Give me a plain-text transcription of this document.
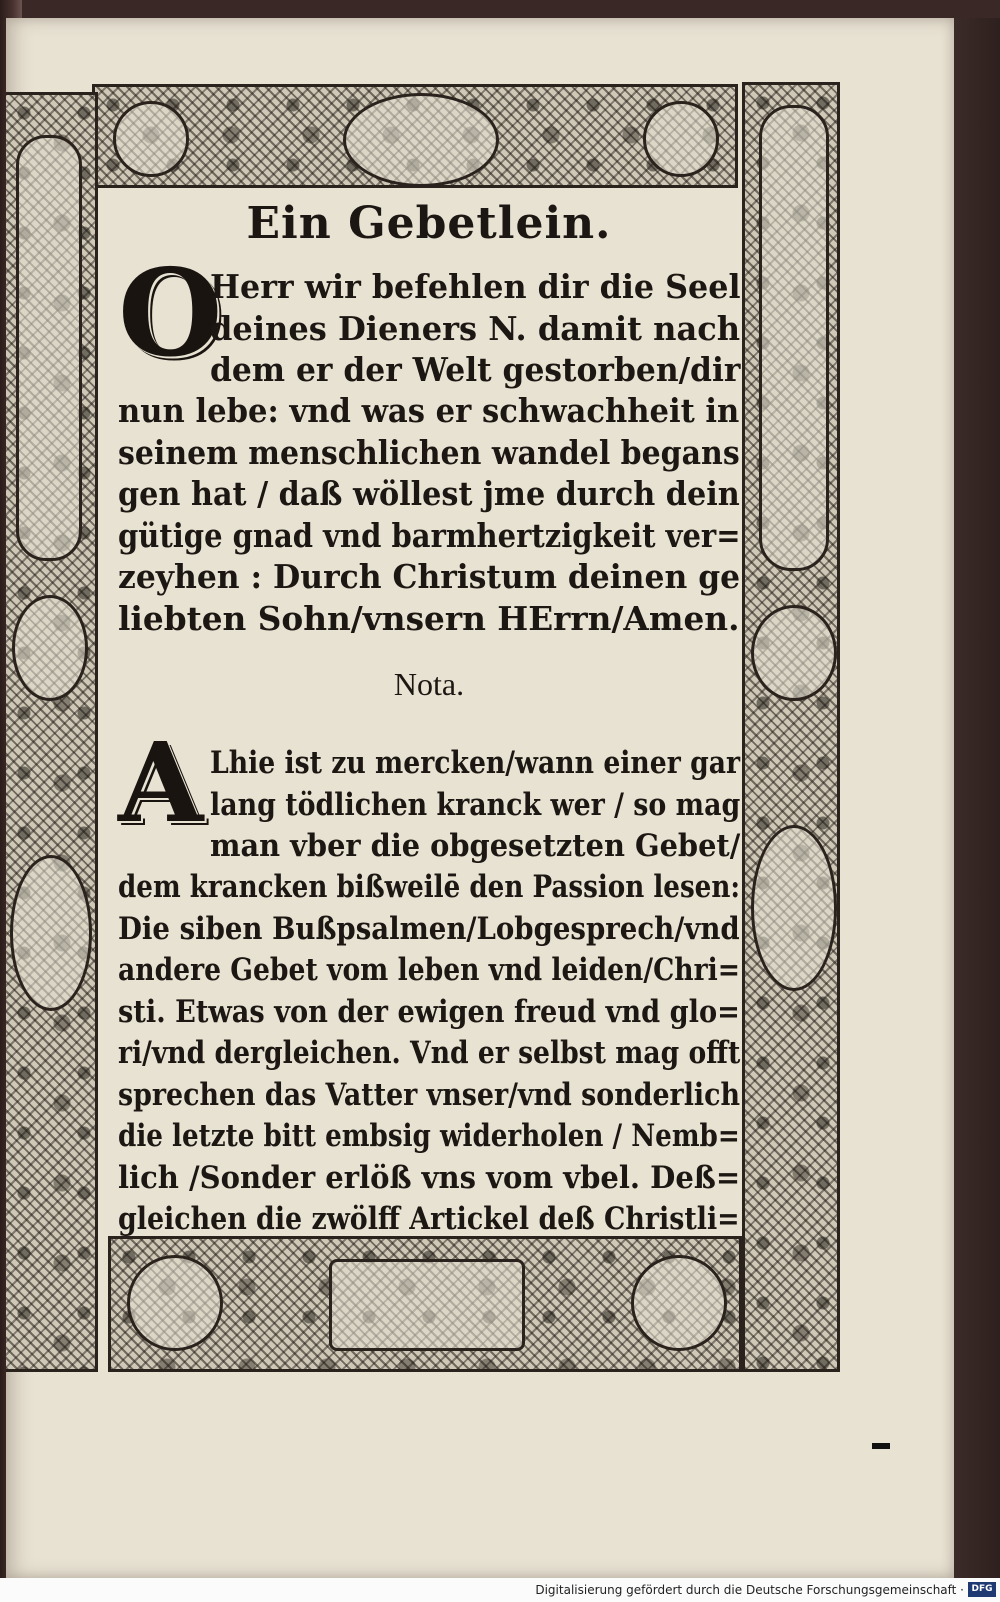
Ein Gebetlein.
O
Herr wir befehlen dir die Seel
deines Dieners N. damit nach
dem er der Welt gestorben/dir
nun lebe: vnd was er schwachheit in
seinem menschlichen wandel begans
gen hat / daß wöllest jme durch dein
gütige gnad vnd barmhertzigkeit ver=
zeyhen : Durch Christum deinen ge
liebten Sohn/vnsern HErrn/Amen.
Nota.
A Lhie ist zu mercken/wann einer gar
lang tödlichen kranck wer / so mag
man vber die obgesetzten Gebet/
dem krancken bißweilē den Passion lesen:
Die siben Bußpsalmen/Lobgesprech/vnd
andere Gebet vom leben vnd leiden/Chri=
sti. Etwas von der ewigen freud vnd glo=
ri/vnd dergleichen. Vnd er selbst mag offt
sprechen das Vatter vnser/vnd sonderlich
die letzte bitt embsig widerholen / Nemb=
lich /Sonder erlöß vns vom vbel. Deß=
gleichen die zwölff Artickel deß Christli=
Digitalisierung gefördert durch die Deutsche Forschungsgemeinschaft · DFG
